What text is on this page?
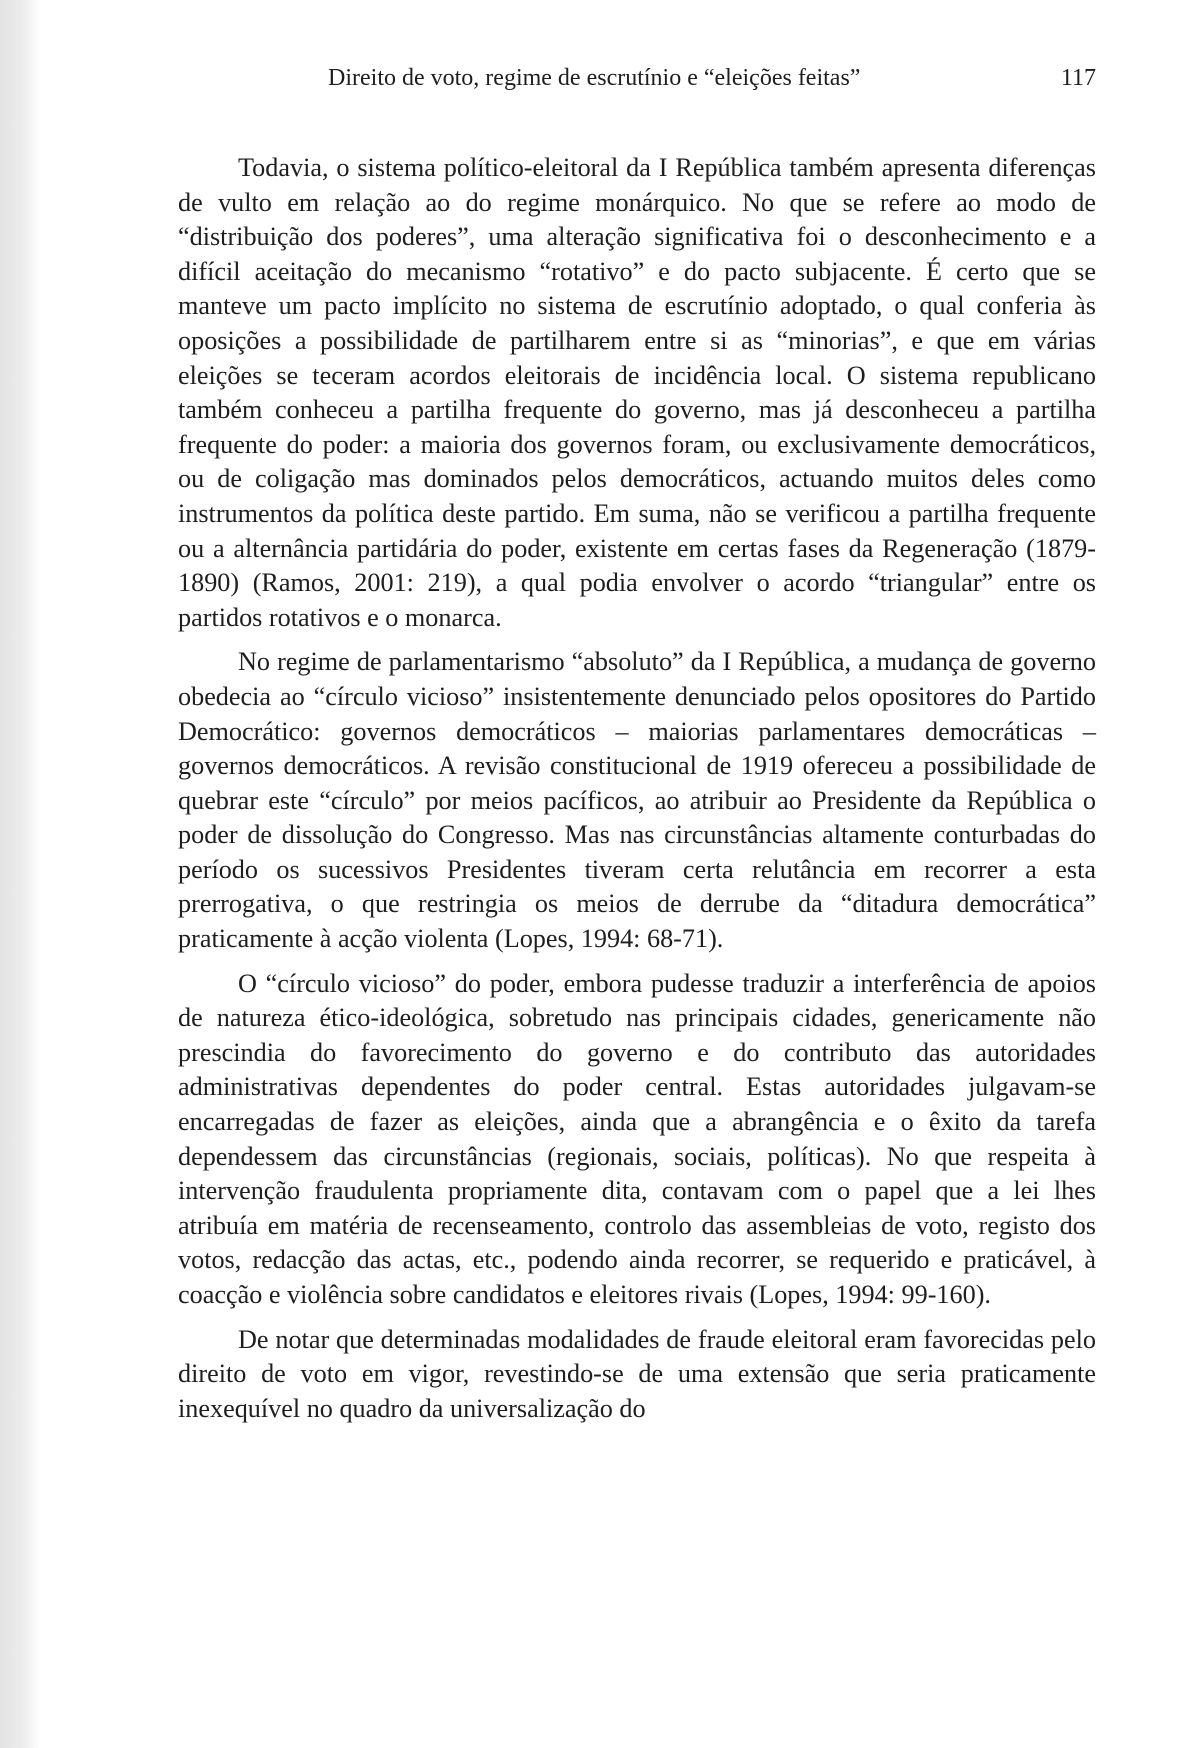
Direito de voto, regime de escrutínio e “eleições feitas”	117

Todavia, o sistema político-eleitoral da I República também apresenta diferenças de vulto em relação ao do regime monárquico. No que se refere ao modo de “distribuição dos poderes”, uma alteração significativa foi o desconhecimento e a difícil aceitação do mecanismo “rotativo” e do pacto subjacente. É certo que se manteve um pacto implícito no sistema de escrutínio adoptado, o qual conferia às oposições a possibilidade de partilharem entre si as “minorias”, e que em várias eleições se teceram acordos eleitorais de incidência local. O sistema republicano também conheceu a partilha frequente do governo, mas já desconheceu a partilha frequente do poder: a maioria dos governos foram, ou exclusivamente democráticos, ou de coligação mas dominados pelos democráticos, actuando muitos deles como instrumentos da política deste partido. Em suma, não se verificou a partilha frequente ou a alternância partidária do poder, existente em certas fases da Regeneração (1879-1890) (Ramos, 2001: 219), a qual podia envolver o acordo “triangular” entre os partidos rotativos e o monarca.

No regime de parlamentarismo “absoluto” da I República, a mudança de governo obedecia ao “círculo vicioso” insistentemente denunciado pelos opositores do Partido Democrático: governos democráticos – maiorias parlamentares democráticas – governos democráticos. A revisão constitucional de 1919 ofereceu a possibilidade de quebrar este “círculo” por meios pacíficos, ao atribuir ao Presidente da República o poder de dissolução do Congresso. Mas nas circunstâncias altamente conturbadas do período os sucessivos Presidentes tiveram certa relutância em recorrer a esta prerrogativa, o que restringia os meios de derrube da “ditadura democrática” praticamente à acção violenta (Lopes, 1994: 68-71).

O “círculo vicioso” do poder, embora pudesse traduzir a interferência de apoios de natureza ético-ideológica, sobretudo nas principais cidades, genericamente não prescindia do favorecimento do governo e do contributo das autoridades administrativas dependentes do poder central. Estas autoridades julgavam-se encarregadas de fazer as eleições, ainda que a abrangência e o êxito da tarefa dependessem das circunstâncias (regionais, sociais, políticas). No que respeita à intervenção fraudulenta propriamente dita, contavam com o papel que a lei lhes atribuía em matéria de recenseamento, controlo das assembleias de voto, registo dos votos, redacção das actas, etc., podendo ainda recorrer, se requerido e praticável, à coacção e violência sobre candidatos e eleitores rivais (Lopes, 1994: 99-160).

De notar que determinadas modalidades de fraude eleitoral eram favorecidas pelo direito de voto em vigor, revestindo-se de uma extensão que seria praticamente inexequível no quadro da universalização do
